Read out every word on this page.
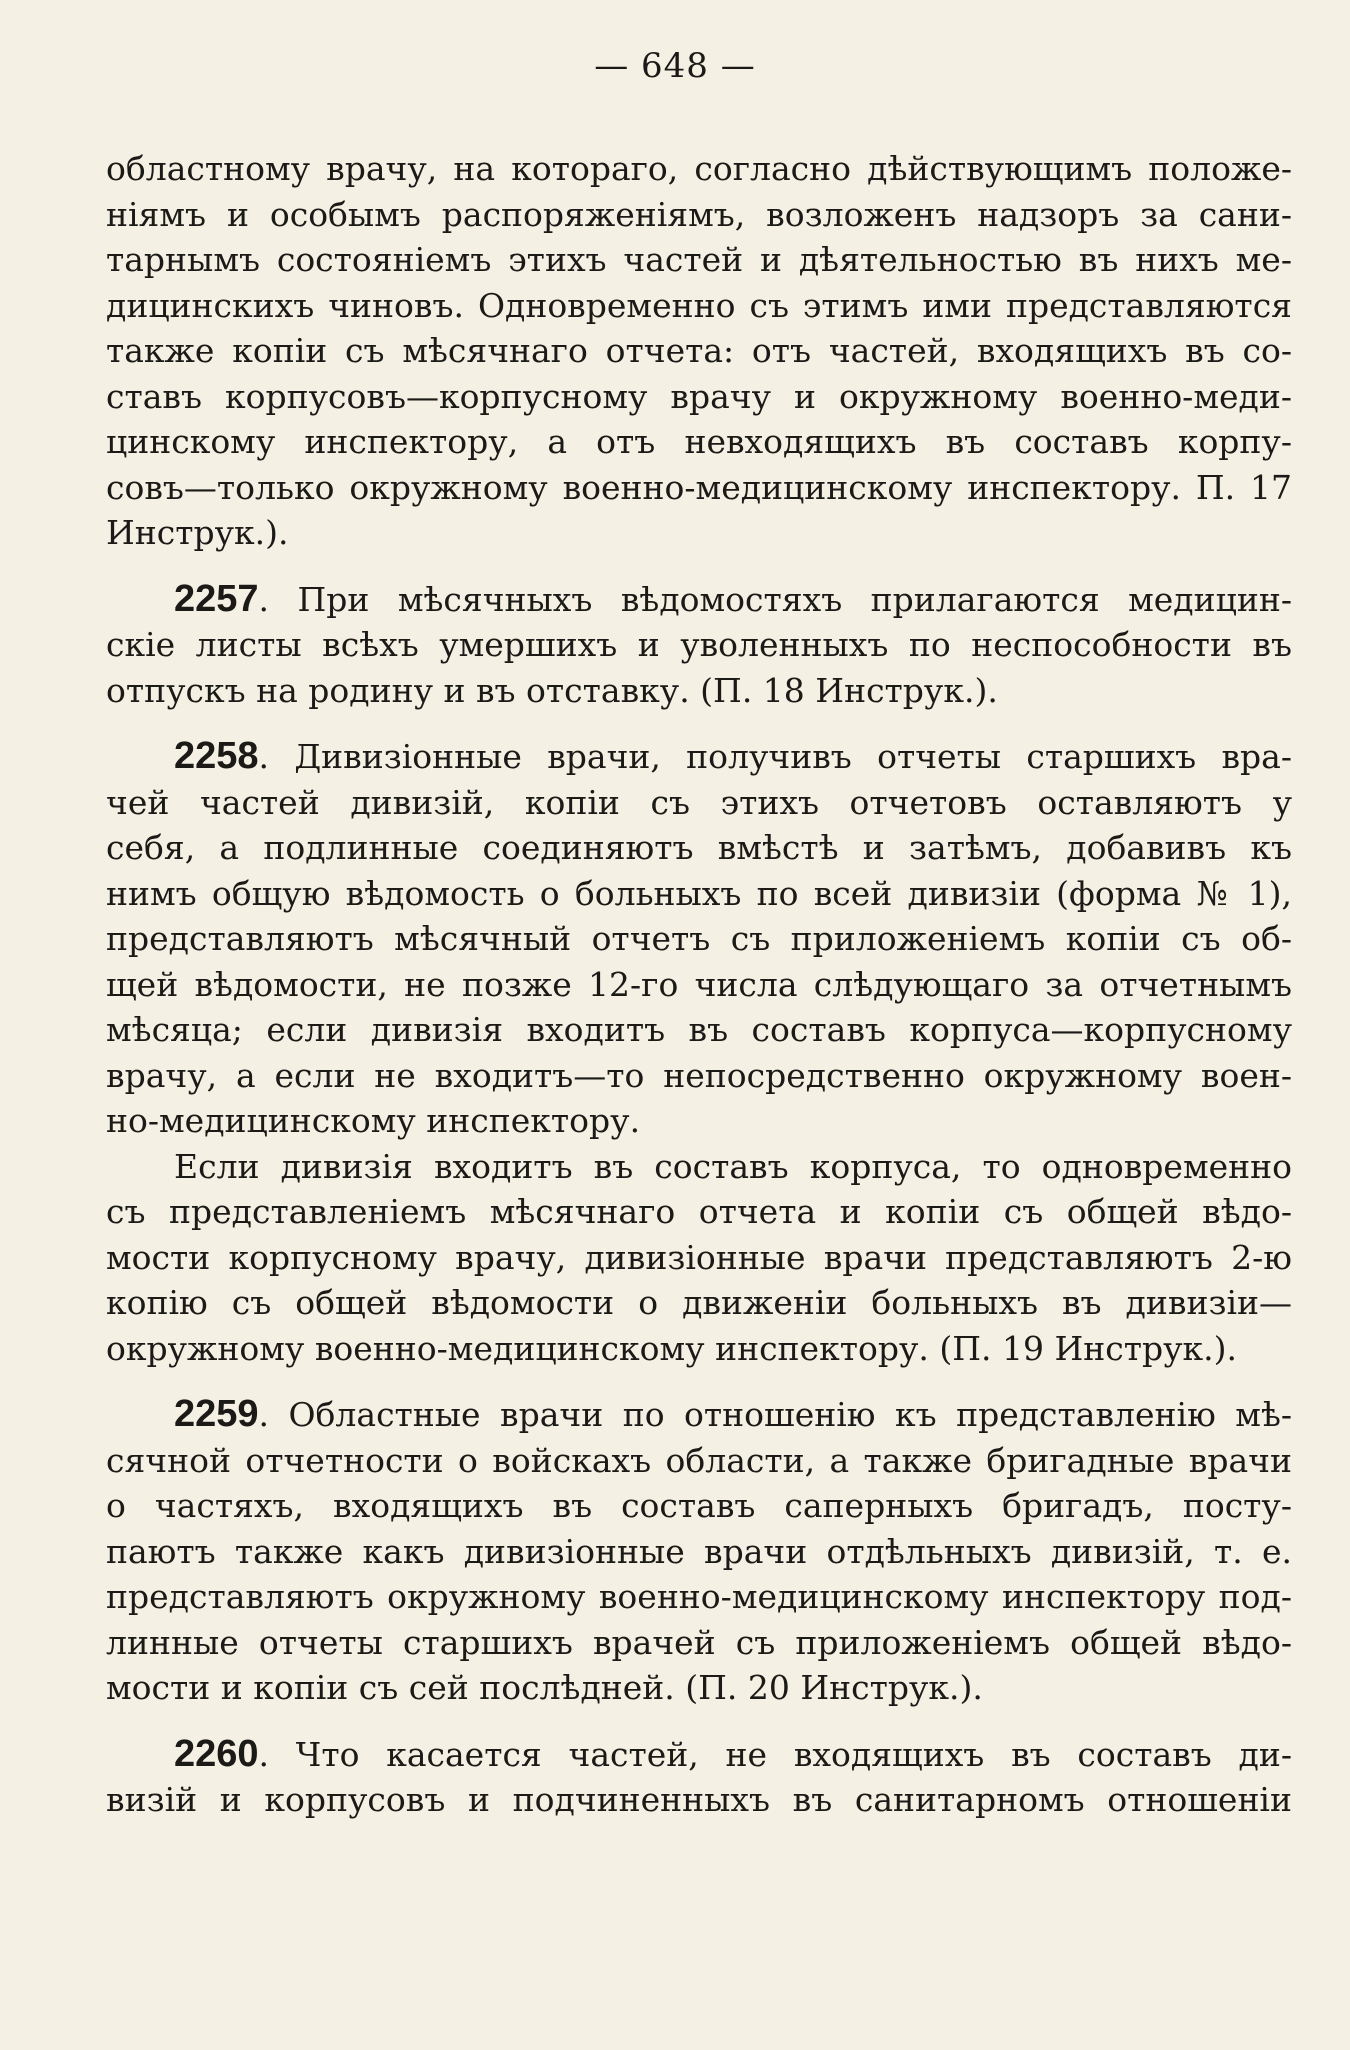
— 648 —
областному врачу, на котораго, согласно дѣйствующимъ положе-
ніямъ и особымъ распоряженіямъ, возложенъ надзоръ за сани-
тарнымъ состояніемъ этихъ частей и дѣятельностью въ нихъ ме-
дицинскихъ чиновъ. Одновременно съ этимъ ими представляются
также копіи съ мѣсячнаго отчета: отъ частей, входящихъ въ со-
ставъ корпусовъ—корпусному врачу и окружному военно-меди-
цинскому инспектору, а отъ невходящихъ въ составъ корпу-
совъ—только окружному военно-медицинскому инспектору. П. 17
Инструк.).
2257. При мѣсячныхъ вѣдомостяхъ прилагаются медицин-
скіе листы всѣхъ умершихъ и уволенныхъ по неспособности въ
отпускъ на родину и въ отставку. (П. 18 Инструк.).
2258. Дивизіонные врачи, получивъ отчеты старшихъ вра-
чей частей дивизій, копіи съ этихъ отчетовъ оставляютъ у
себя, а подлинные соединяютъ вмѣстѣ и затѣмъ, добавивъ къ
нимъ общую вѣдомость о больныхъ по всей дивизіи (форма № 1),
представляютъ мѣсячный отчетъ съ приложеніемъ копіи съ об-
щей вѣдомости, не позже 12-го числа слѣдующаго за отчетнымъ
мѣсяца; если дивизія входитъ въ составъ корпуса—корпусному
врачу, а если не входитъ—то непосредственно окружному воен-
но-медицинскому инспектору.
Если дивизія входитъ въ составъ корпуса, то одновременно
съ представленіемъ мѣсячнаго отчета и копіи съ общей вѣдо-
мости корпусному врачу, дивизіонные врачи представляютъ 2-ю
копію съ общей вѣдомости о движеніи больныхъ въ дивизіи—
окружному военно-медицинскому инспектору. (П. 19 Инструк.).
2259. Областные врачи по отношенію къ представленію мѣ-
сячной отчетности о войскахъ области, а также бригадные врачи
о частяхъ, входящихъ въ составъ саперныхъ бригадъ, посту-
паютъ также какъ дивизіонные врачи отдѣльныхъ дивизій, т. е.
представляютъ окружному военно-медицинскому инспектору под-
линные отчеты старшихъ врачей съ приложеніемъ общей вѣдо-
мости и копіи съ сей послѣдней. (П. 20 Инструк.).
2260. Что касается частей, не входящихъ въ составъ ди-
визій и корпусовъ и подчиненныхъ въ санитарномъ отношеніи
